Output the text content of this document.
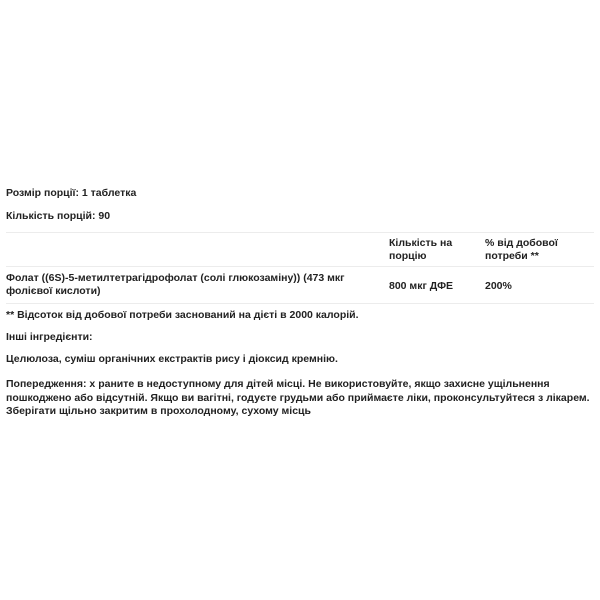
Розмір порції: 1 таблетка
Кількість порцій: 90
	Кількість на порцію	% від добової потреби **
Фолат ((6S)-5-метилтетрагідрофолат (солі глюкозаміну)) (473 мкг фолієвої кислоти)	800 мкг ДФЕ	200%
** Відсоток від добової потреби заснований на дієті в 2000 калорій.
Інші інгредієнти:
Целюлоза, суміш органічних екстрактів рису і діоксид кремнію.
Попередження: х раните в недоступному для дітей місці. Не використовуйте, якщо захисне ущільнення пошкоджено або відсутній. Якщо ви вагітні, годуєте грудьми або приймаєте ліки, проконсультуйтеся з лікарем. Зберігати щільно закритим в прохолодному, сухому місць
